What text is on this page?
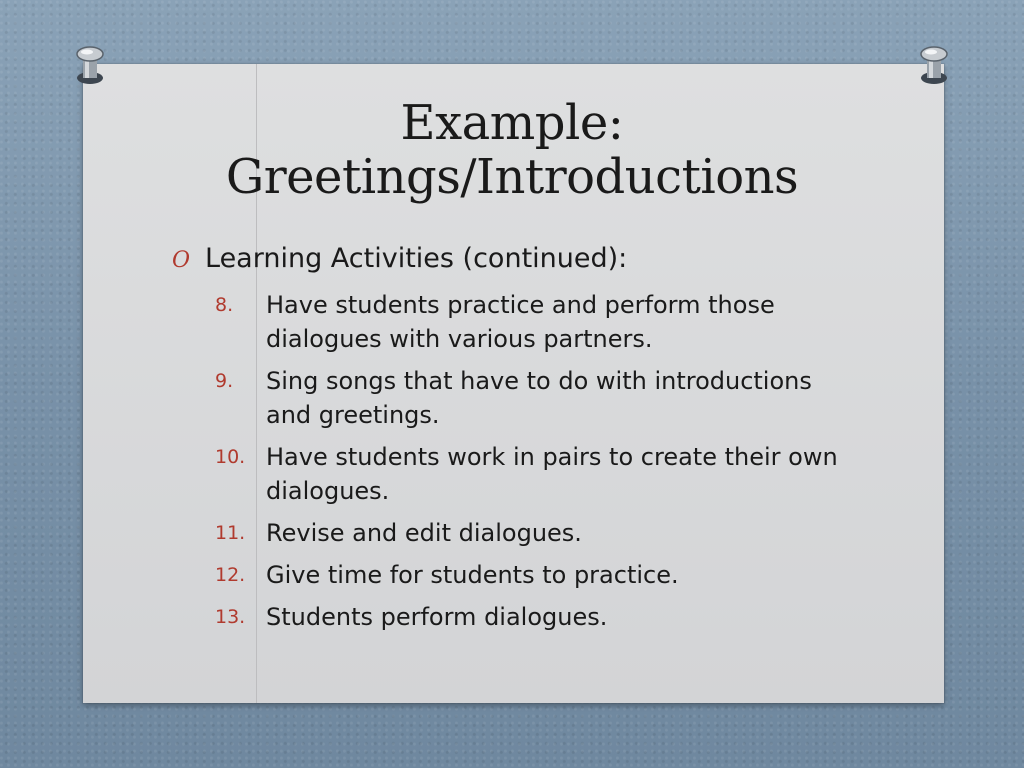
Example:
Greetings/Introductions
O Learning Activities (continued):
8.	Have students practice and perform those dialogues with various partners.
9.	Sing songs that have to do with introductions and greetings.
10. Have students work in pairs to create their own dialogues.
11. Revise and edit dialogues.
12. Give time for students to practice.
13. Students perform dialogues.
